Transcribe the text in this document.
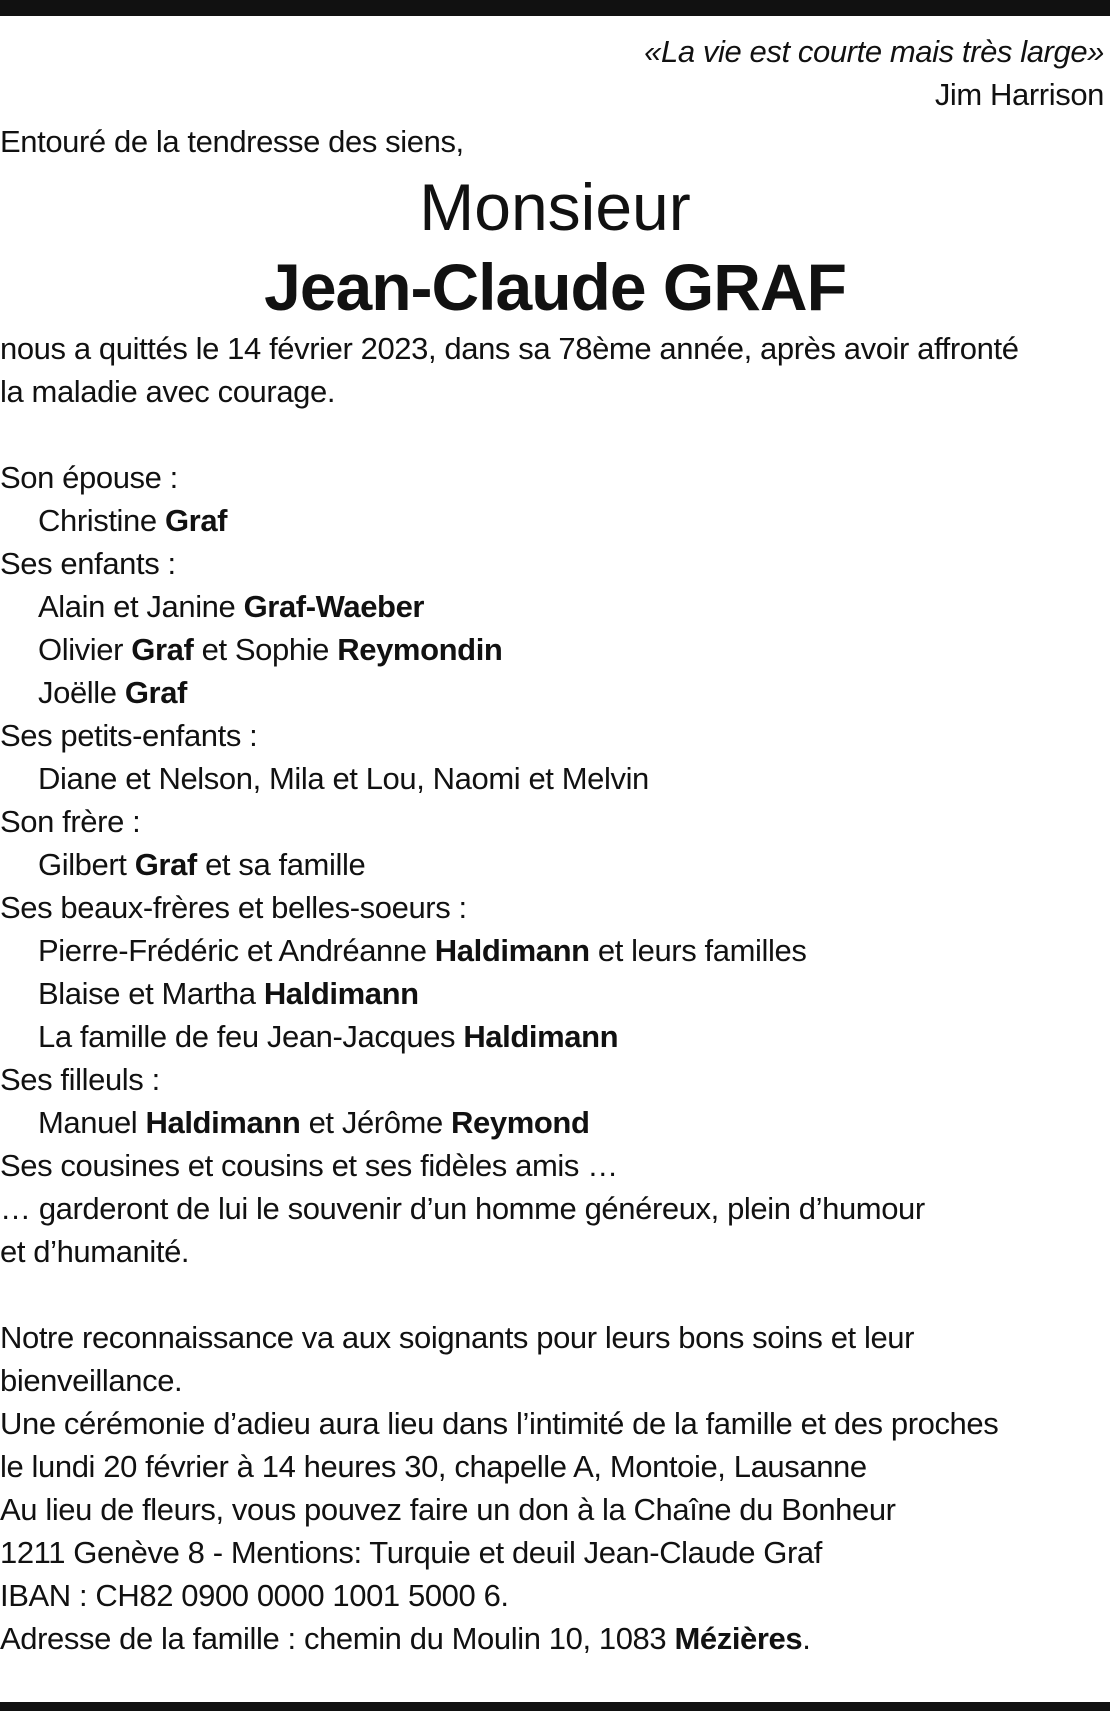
«La vie est courte mais très large»
Jim Harrison
Entouré de la tendresse des siens,
Monsieur
Jean-Claude GRAF
nous a quittés le 14 février 2023, dans sa 78ème année, après avoir affronté
la maladie avec courage.
Son épouse :
Christine Graf
Ses enfants :
Alain et Janine Graf-Waeber
Olivier Graf et Sophie Reymondin
Joëlle Graf
Ses petits-enfants :
Diane et Nelson, Mila et Lou, Naomi et Melvin
Son frère :
Gilbert Graf et sa famille
Ses beaux-frères et belles-soeurs :
Pierre-Frédéric et Andréanne Haldimann et leurs familles
Blaise et Martha Haldimann
La famille de feu Jean-Jacques Haldimann
Ses filleuls :
Manuel Haldimann et Jérôme Reymond
Ses cousines et cousins et ses fidèles amis …
… garderont de lui le souvenir d’un homme généreux, plein d’humour
et d’humanité.
Notre reconnaissance va aux soignants pour leurs bons soins et leur
bienveillance.
Une cérémonie d’adieu aura lieu dans l’intimité de la famille et des proches
le lundi 20 février à 14 heures 30, chapelle A, Montoie, Lausanne
Au lieu de fleurs, vous pouvez faire un don à la Chaîne du Bonheur
1211 Genève 8 - Mentions: Turquie et deuil Jean-Claude Graf
IBAN : CH82 0900 0000 1001 5000 6.
Adresse de la famille : chemin du Moulin 10, 1083 Mézières.
